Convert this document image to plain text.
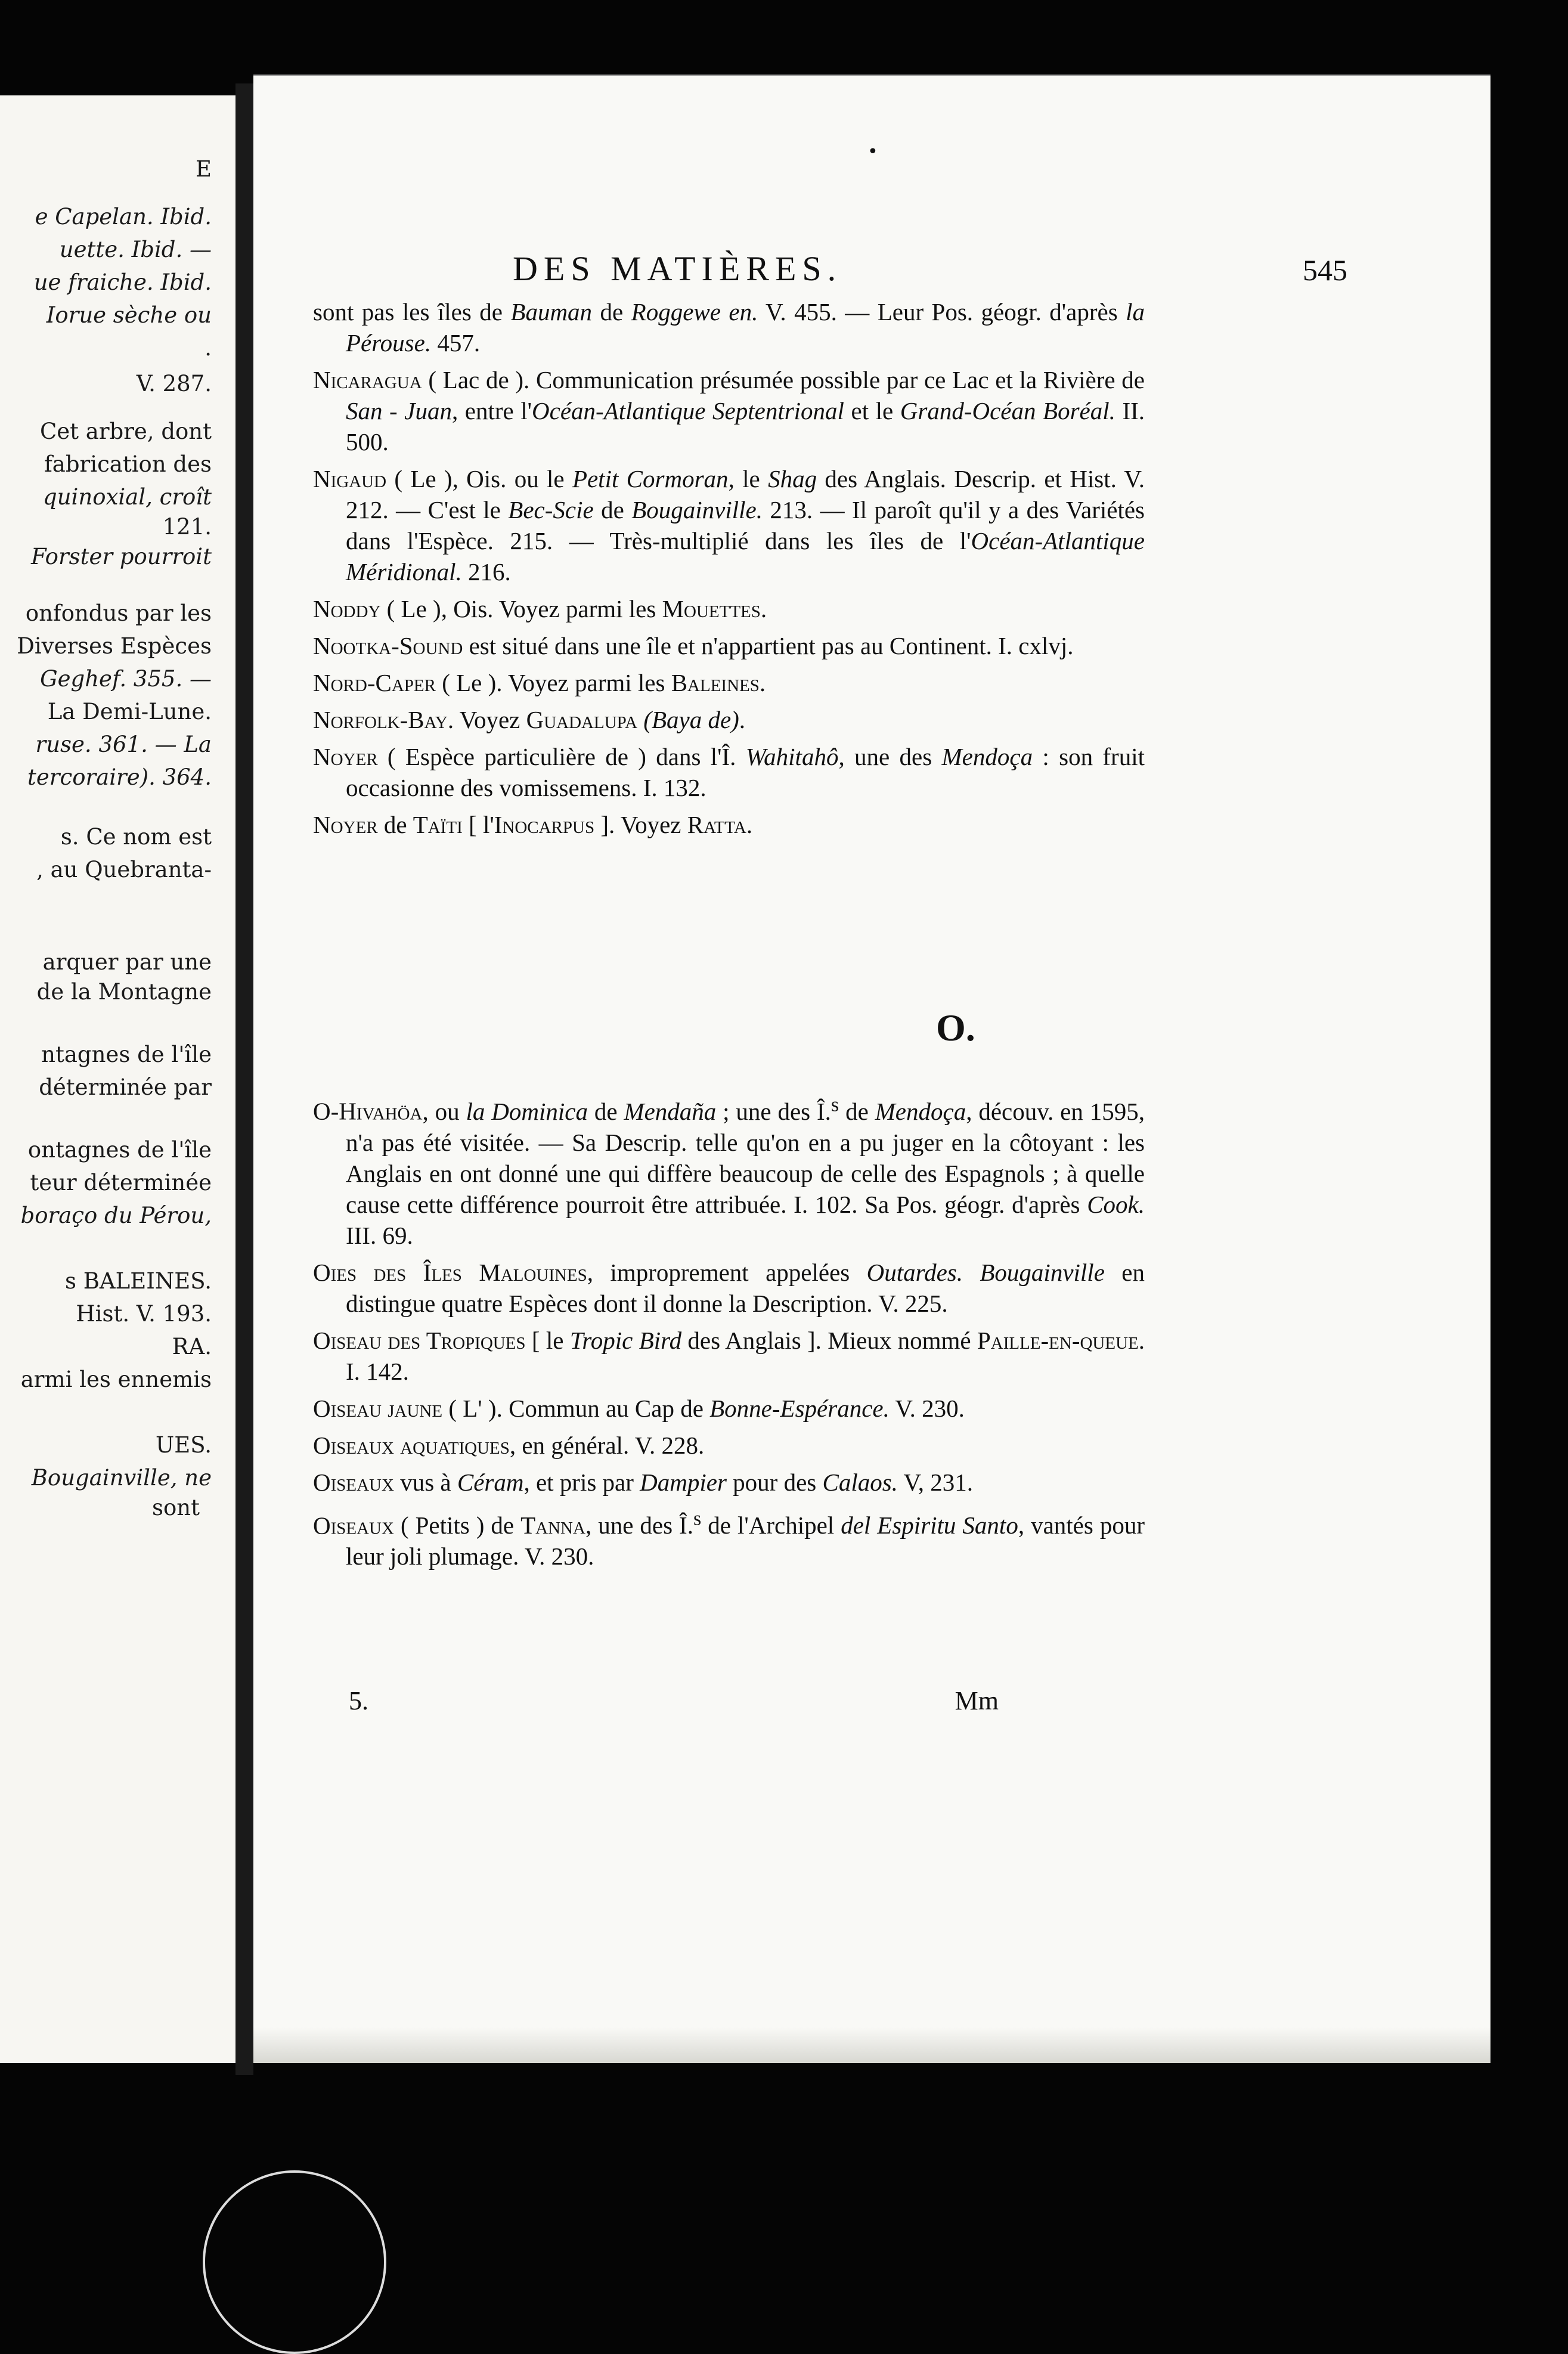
E
e Capelan. Ibid.
uette. Ibid. —
ue fraiche. Ibid.
Iorue sèche ou
.
V. 287.
Cet arbre, dont
fabrication des
quinoxial, croît
121.
Forster pourroit
onfondus par les
Diverses Espèces
Geghef. 355. —
La Demi-Lune.
ruse. 361. — La
tercoraire). 364.
s. Ce nom est
, au Quebranta-
arquer par une
de la Montagne
ntagnes de l'île
déterminée par
ontagnes de l'île
teur déterminée
boraço du Pérou,
s BALEINES.
Hist. V. 193.
RA.
armi les ennemis
UES.
Bougainville, ne
sont
•
DES MATIÈRES.	545
sont pas les îles de Bauman de Roggewe en. V. 455. — Leur Pos. géogr. d'après la Pérouse. 457.
Nicaragua ( Lac de ). Communication présumée possible par ce Lac et la Rivière de San - Juan, entre l'Océan-Atlantique Septentrional et le Grand-Océan Boréal. II. 500.
Nigaud ( Le ), Ois. ou le Petit Cormoran, le Shag des Anglais. Descrip. et Hist. V. 212. — C'est le Bec-Scie de Bougainville. 213. — Il paroît qu'il y a des Variétés dans l'Espèce. 215. — Très-multiplié dans les îles de l'Océan-Atlantique Méridional. 216.
Noddy ( Le ), Ois. Voyez parmi les Mouettes.
Nootka-Sound est situé dans une île et n'appartient pas au Continent. I. cxlvj.
Nord-Caper ( Le ). Voyez parmi les Baleines.
Norfolk-Bay. Voyez Guadalupa (Baya de).
Noyer ( Espèce particulière de ) dans l'Î. Wahitahô, une des Mendoça : son fruit occasionne des vomissemens. I. 132.
Noyer de Taïti [ l'Inocarpus ]. Voyez Ratta.
O.
O-Hivahöa, ou la Dominica de Mendaña ; une des Î.$^s$ de Mendoça, découv. en 1595, n'a pas été visitée. — Sa Descrip. telle qu'on en a pu juger en la côtoyant : les Anglais en ont donné une qui diffère beaucoup de celle des Espagnols ; à quelle cause cette différence pourroit être attribuée. I. 102. Sa Pos. géogr. d'après Cook. III. 69.
Oies des Îles Malouines, improprement appelées Outardes. Bougainville en distingue quatre Espèces dont il donne la Description. V. 225.
Oiseau des Tropiques [ le Tropic Bird des Anglais ]. Mieux nommé Paille-en-queue. I. 142.
Oiseau jaune ( L' ). Commun au Cap de Bonne-Espérance. V. 230.
Oiseaux aquatiques, en général. V. 228.
Oiseaux vus à Céram, et pris par Dampier pour des Calaos. V, 231.
Oiseaux ( Petits ) de Tanna, une des Î.$^s$ de l'Archipel del Espiritu Santo, vantés pour leur joli plumage. V. 230.
5.	Mm
